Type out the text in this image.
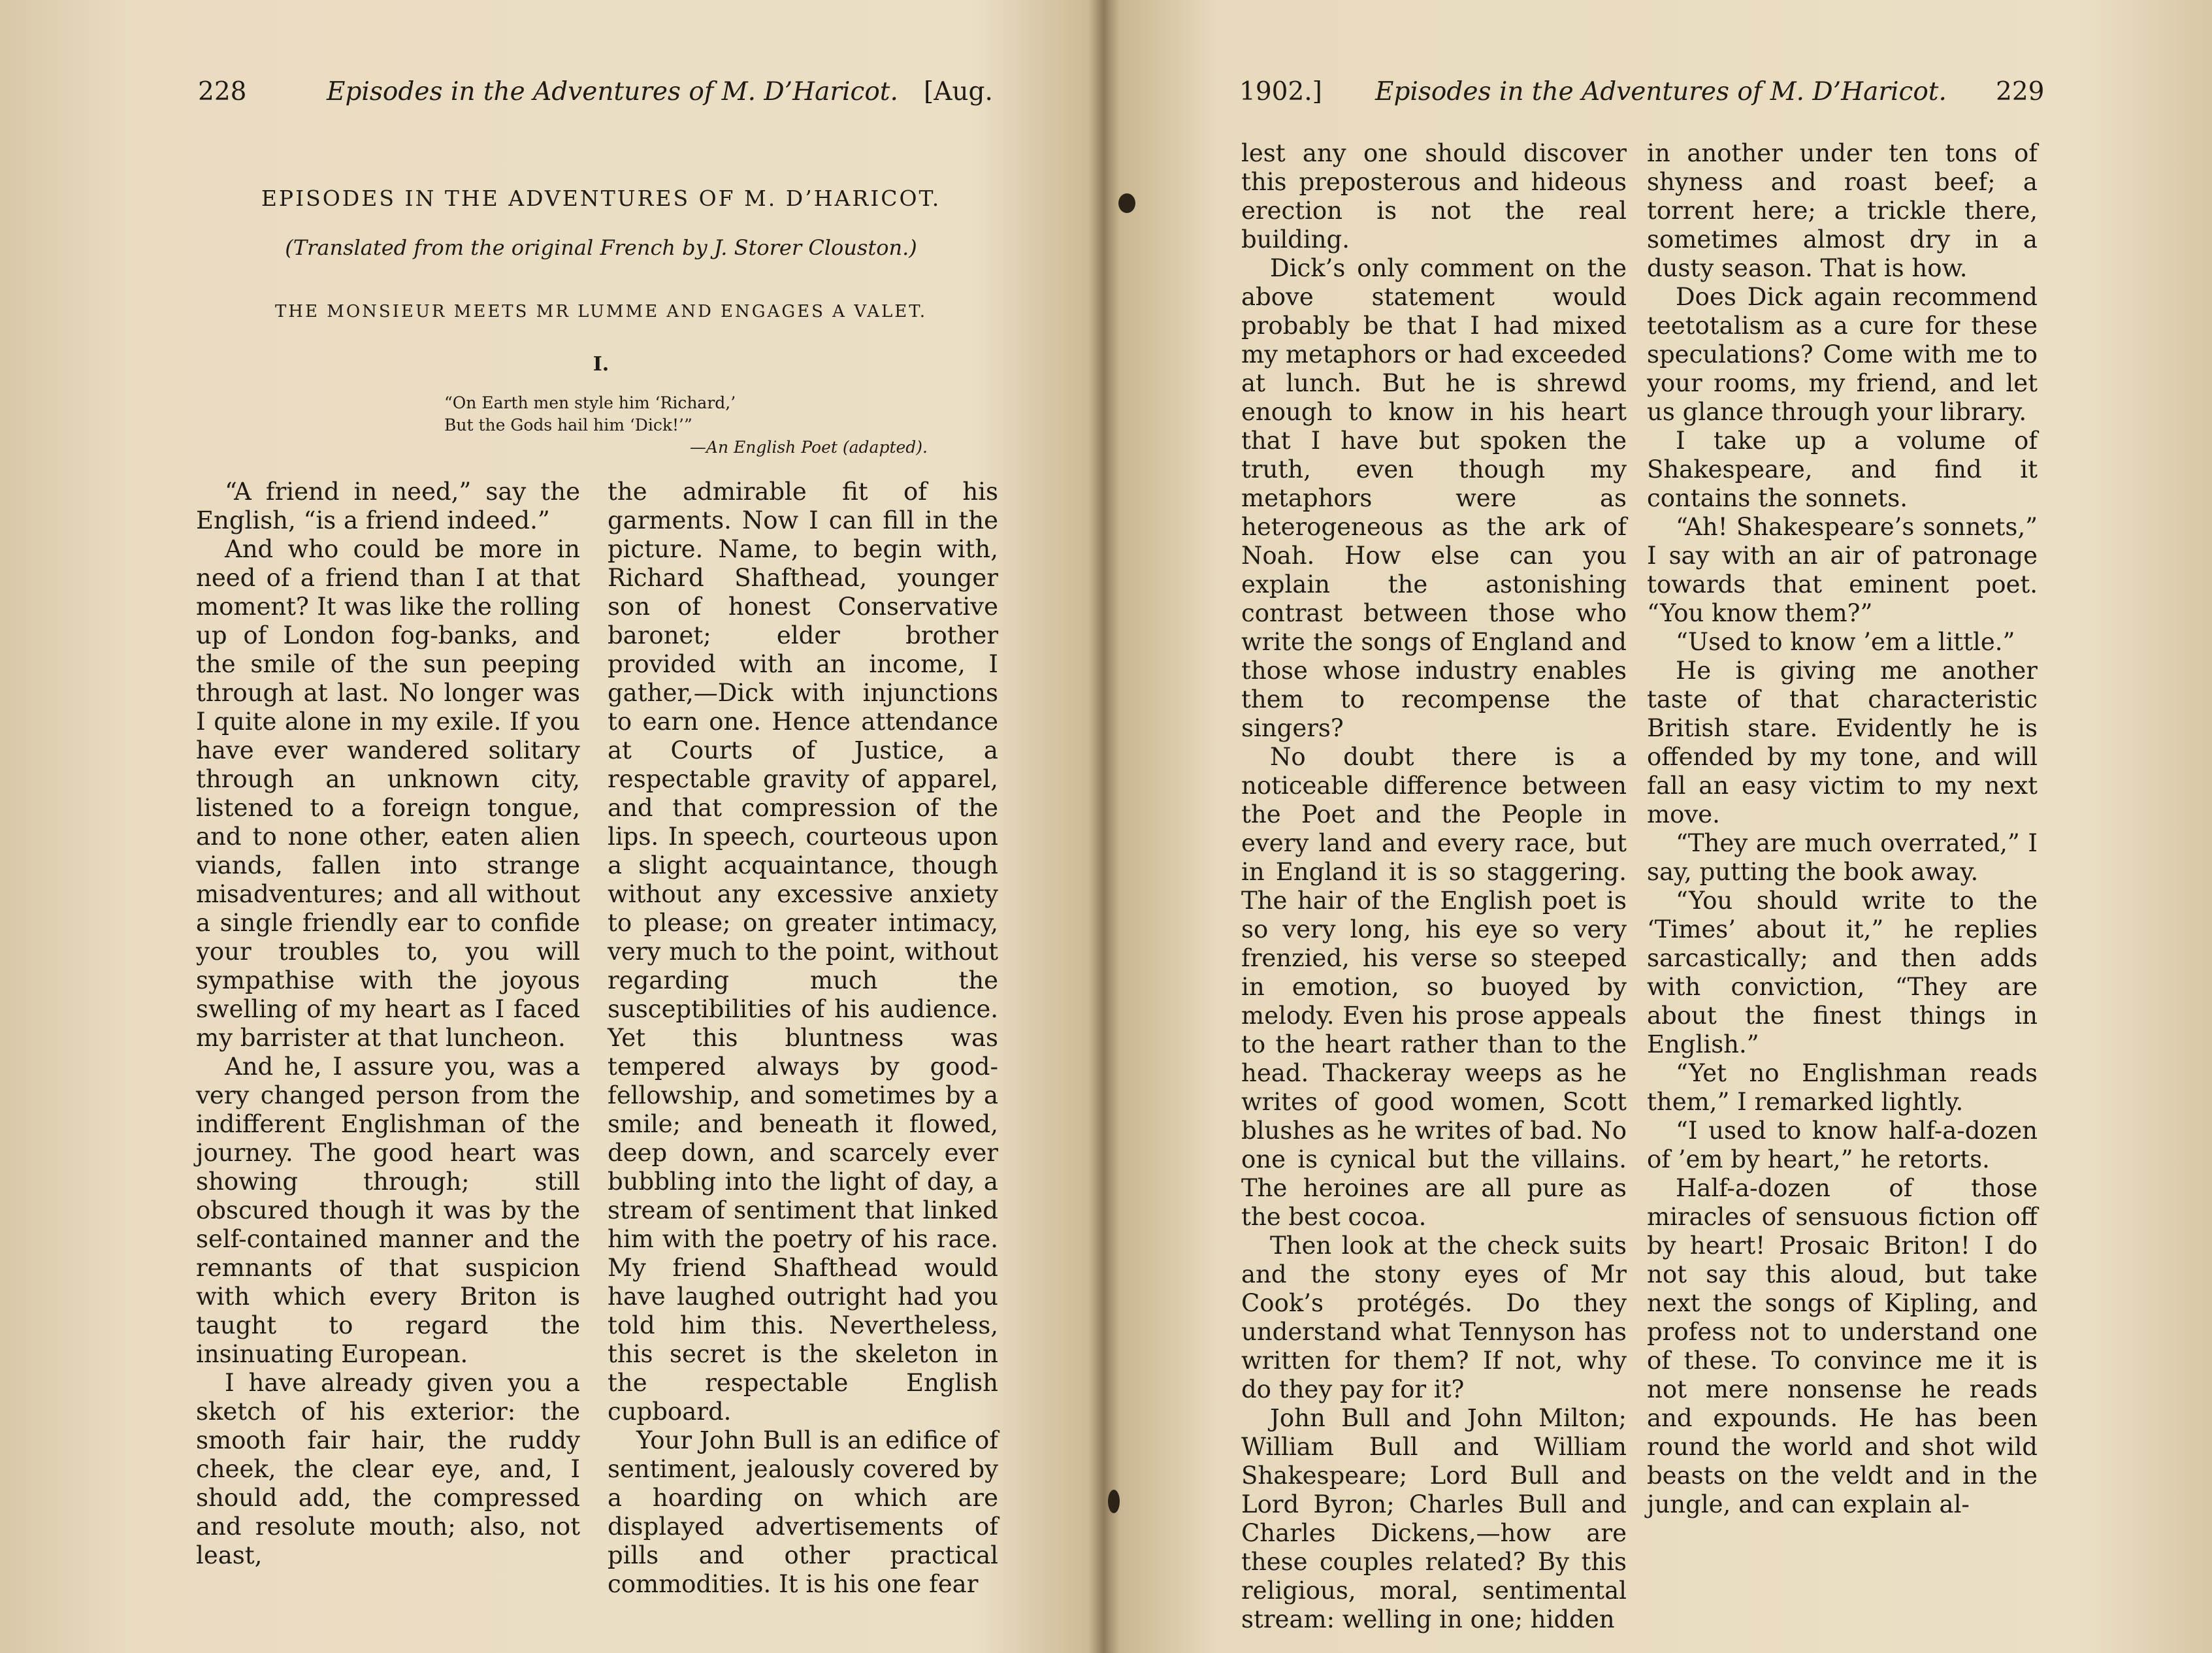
228	Episodes in the Adventures of M. D’Haricot. [Aug.
EPISODES IN THE ADVENTURES OF M. D’HARICOT.
(Translated from the original French by J. Storer Clouston.)
THE MONSIEUR MEETS MR LUMME AND ENGAGES A VALET.
I.
“On Earth men style him ‘Richard,’
But the Gods hail him ‘Dick!’”
—An English Poet (adapted).

“A friend in need,” say the English, “is a friend indeed.”

And who could be more in need of a friend than I at that moment? It was like the rolling up of London fog-banks, and the smile of the sun peeping through at last. No longer was I quite alone in my exile. If you have ever wandered solitary through an unknown city, listened to a foreign tongue, and to none other, eaten alien viands, fallen into strange misadventures; and all without a single friendly ear to confide your troubles to, you will sympathise with the joyous swelling of my heart as I faced my barrister at that luncheon.

And he, I assure you, was a very changed person from the indifferent Englishman of the journey. The good heart was showing through; still obscured though it was by the self-contained manner and the remnants of that suspicion with which every Briton is taught to regard the insinuating European.

I have already given you a sketch of his exterior: the smooth fair hair, the ruddy cheek, the clear eye, and, I should add, the compressed and resolute mouth; also, not least,

the admirable fit of his garments. Now I can fill in the picture. Name, to begin with, Richard Shafthead, younger son of honest Conservative baronet; elder brother provided with an income, I gather,—Dick with injunctions to earn one. Hence attendance at Courts of Justice, a respectable gravity of apparel, and that compression of the lips. In speech, courteous upon a slight acquaintance, though without any excessive anxiety to please; on greater intimacy, very much to the point, without regarding much the susceptibilities of his audience. Yet this bluntness was tempered always by good-fellowship, and sometimes by a smile; and beneath it flowed, deep down, and scarcely ever bubbling into the light of day, a stream of sentiment that linked him with the poetry of his race. My friend Shafthead would have laughed outright had you told him this. Nevertheless, this secret is the skeleton in the respectable English cupboard.

Your John Bull is an edifice of sentiment, jealously covered by a hoarding on which are displayed advertisements of pills and other practical commodities. It is his one fear

1902.] Episodes in the Adventures of M. D’Haricot. 229

lest any one should discover this preposterous and hideous erection is not the real building.

Dick’s only comment on the above statement would probably be that I had mixed my metaphors or had exceeded at lunch. But he is shrewd enough to know in his heart that I have but spoken the truth, even though my metaphors were as heterogeneous as the ark of Noah. How else can you explain the astonishing contrast between those who write the songs of England and those whose industry enables them to recompense the singers?

No doubt there is a noticeable difference between the Poet and the People in every land and every race, but in England it is so staggering. The hair of the English poet is so very long, his eye so very frenzied, his verse so steeped in emotion, so buoyed by melody. Even his prose appeals to the heart rather than to the head. Thackeray weeps as he writes of good women, Scott blushes as he writes of bad. No one is cynical but the villains. The heroines are all pure as the best cocoa.

Then look at the check suits and the stony eyes of Mr Cook’s protégés. Do they understand what Tennyson has written for them? If not, why do they pay for it?

John Bull and John Milton; William Bull and William Shakespeare; Lord Bull and Lord Byron; Charles Bull and Charles Dickens,—how are these couples related? By this religious, moral, sentimental stream: welling in one; hidden

in another under ten tons of shyness and roast beef; a torrent here; a trickle there, sometimes almost dry in a dusty season. That is how.

Does Dick again recommend teetotalism as a cure for these speculations? Come with me to your rooms, my friend, and let us glance through your library.

I take up a volume of Shakespeare, and find it contains the sonnets.

“Ah! Shakespeare’s sonnets,” I say with an air of patronage towards that eminent poet. “You know them?”

“Used to know ’em a little.”

He is giving me another taste of that characteristic British stare. Evidently he is offended by my tone, and will fall an easy victim to my next move.

“They are much overrated,” I say, putting the book away.

“You should write to the ‘Times’ about it,” he replies sarcastically; and then adds with conviction, “They are about the finest things in English.”

“Yet no Englishman reads them,” I remarked lightly.

“I used to know half-a-dozen of ’em by heart,” he retorts.

Half-a-dozen of those miracles of sensuous fiction off by heart! Prosaic Briton! I do not say this aloud, but take next the songs of Kipling, and profess not to understand one of these. To convince me it is not mere nonsense he reads and expounds. He has been round the world and shot wild beasts on the veldt and in the jungle, and can explain al-
